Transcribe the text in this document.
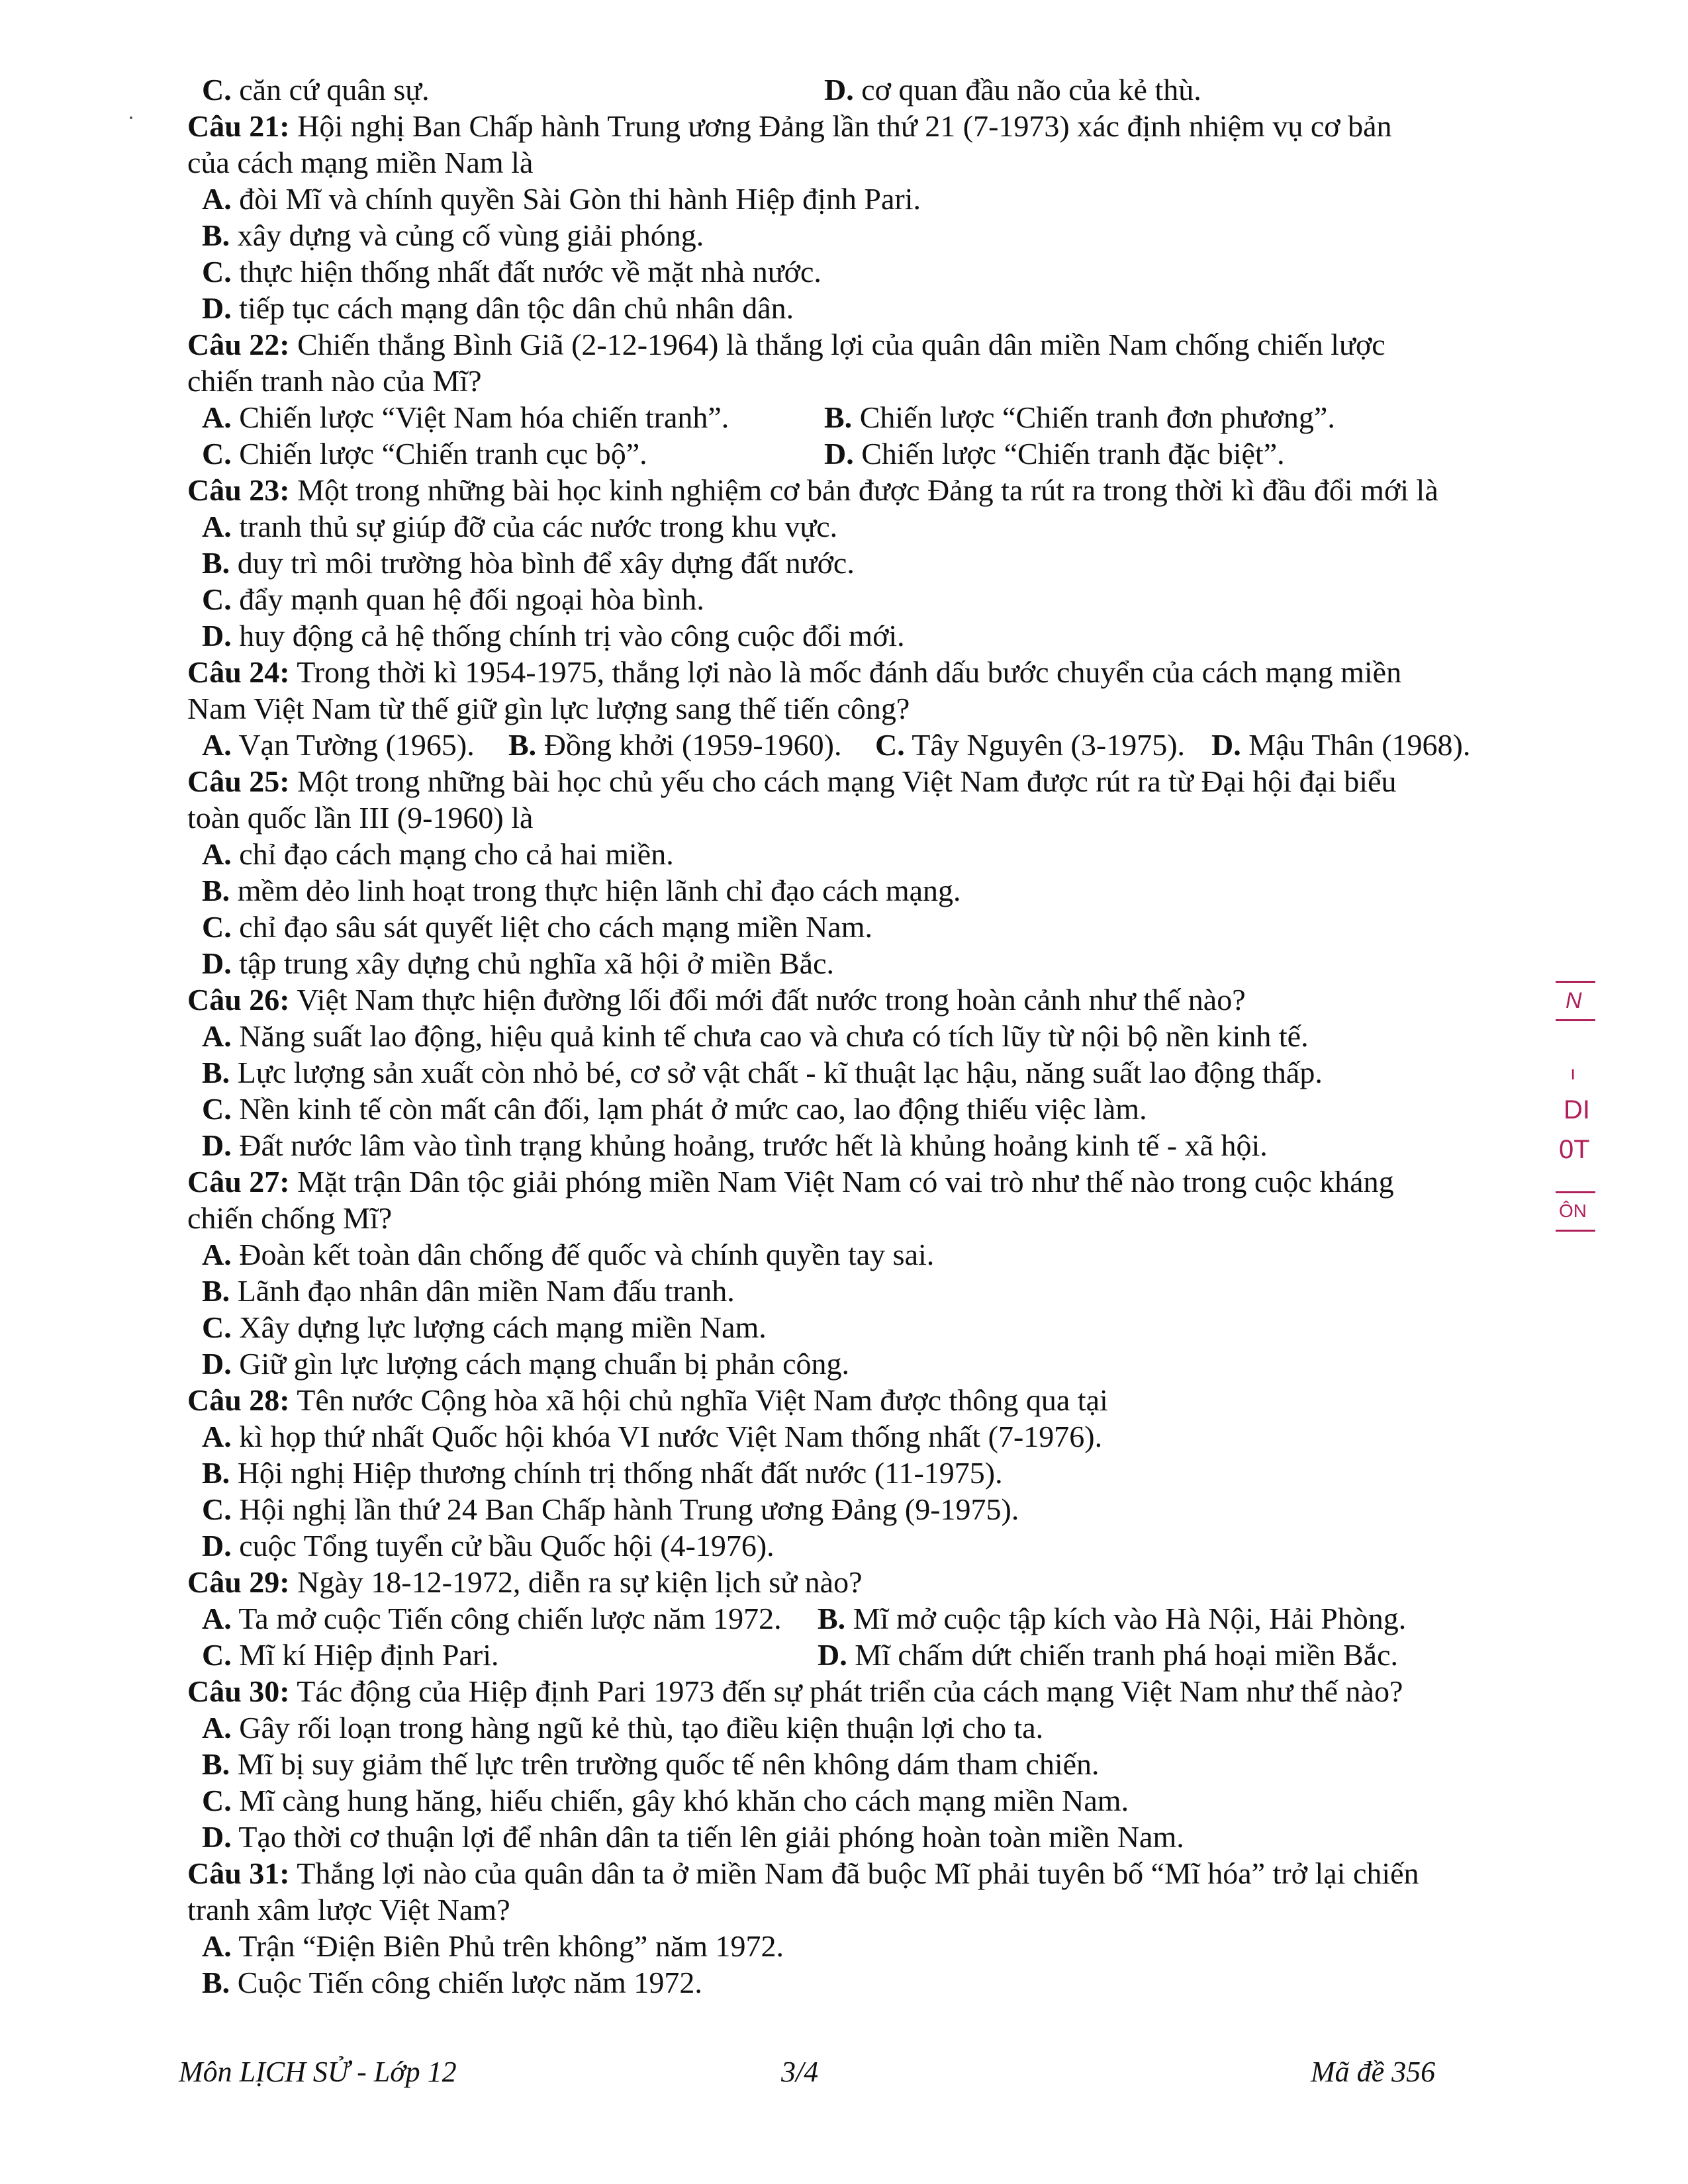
C. căn cứ quân sự.	D. cơ quan đầu não của kẻ thù.
Câu 21: Hội nghị Ban Chấp hành Trung ương Đảng lần thứ 21 (7-1973) xác định nhiệm vụ cơ bản
của cách mạng miền Nam là
A. đòi Mĩ và chính quyền Sài Gòn thi hành Hiệp định Pari.
B. xây dựng và củng cố vùng giải phóng.
C. thực hiện thống nhất đất nước về mặt nhà nước.
D. tiếp tục cách mạng dân tộc dân chủ nhân dân.
Câu 22: Chiến thắng Bình Giã (2-12-1964) là thắng lợi của quân dân miền Nam chống chiến lược
chiến tranh nào của Mĩ?
A. Chiến lược “Việt Nam hóa chiến tranh”.	B. Chiến lược “Chiến tranh đơn phương”.
C. Chiến lược “Chiến tranh cục bộ”.	D. Chiến lược “Chiến tranh đặc biệt”.
Câu 23: Một trong những bài học kinh nghiệm cơ bản được Đảng ta rút ra trong thời kì đầu đổi mới là
A. tranh thủ sự giúp đỡ của các nước trong khu vực.
B. duy trì môi trường hòa bình để xây dựng đất nước.
C. đẩy mạnh quan hệ đối ngoại hòa bình.
D. huy động cả hệ thống chính trị vào công cuộc đổi mới.
Câu 24: Trong thời kì 1954-1975, thắng lợi nào là mốc đánh dấu bước chuyển của cách mạng miền
Nam Việt Nam từ thế giữ gìn lực lượng sang thế tiến công?
A. Vạn Tường (1965). B. Đồng khởi (1959-1960). C. Tây Nguyên (3-1975). D. Mậu Thân (1968).
Câu 25: Một trong những bài học chủ yếu cho cách mạng Việt Nam được rút ra từ Đại hội đại biểu
toàn quốc lần III (9-1960) là
A. chỉ đạo cách mạng cho cả hai miền.
B. mềm dẻo linh hoạt trong thực hiện lãnh chỉ đạo cách mạng.
C. chỉ đạo sâu sát quyết liệt cho cách mạng miền Nam.
D. tập trung xây dựng chủ nghĩa xã hội ở miền Bắc.
Câu 26: Việt Nam thực hiện đường lối đổi mới đất nước trong hoàn cảnh như thế nào?
A. Năng suất lao động, hiệu quả kinh tế chưa cao và chưa có tích lũy từ nội bộ nền kinh tế.
B. Lực lượng sản xuất còn nhỏ bé, cơ sở vật chất - kĩ thuật lạc hậu, năng suất lao động thấp.
C. Nền kinh tế còn mất cân đối, lạm phát ở mức cao, lao động thiếu việc làm.
D. Đất nước lâm vào tình trạng khủng hoảng, trước hết là khủng hoảng kinh tế - xã hội.
Câu 27: Mặt trận Dân tộc giải phóng miền Nam Việt Nam có vai trò như thế nào trong cuộc kháng
chiến chống Mĩ?
A. Đoàn kết toàn dân chống đế quốc và chính quyền tay sai.
B. Lãnh đạo nhân dân miền Nam đấu tranh.
C. Xây dựng lực lượng cách mạng miền Nam.
D. Giữ gìn lực lượng cách mạng chuẩn bị phản công.
Câu 28: Tên nước Cộng hòa xã hội chủ nghĩa Việt Nam được thông qua tại
A. kì họp thứ nhất Quốc hội khóa VI nước Việt Nam thống nhất (7-1976).
B. Hội nghị Hiệp thương chính trị thống nhất đất nước (11-1975).
C. Hội nghị lần thứ 24 Ban Chấp hành Trung ương Đảng (9-1975).
D. cuộc Tổng tuyển cử bầu Quốc hội (4-1976).
Câu 29: Ngày 18-12-1972, diễn ra sự kiện lịch sử nào?
A. Ta mở cuộc Tiến công chiến lược năm 1972. B. Mĩ mở cuộc tập kích vào Hà Nội, Hải Phòng.
C. Mĩ kí Hiệp định Pari.	D. Mĩ chấm dứt chiến tranh phá hoại miền Bắc.
Câu 30: Tác động của Hiệp định Pari 1973 đến sự phát triển của cách mạng Việt Nam như thế nào?
A. Gây rối loạn trong hàng ngũ kẻ thù, tạo điều kiện thuận lợi cho ta.
B. Mĩ bị suy giảm thế lực trên trường quốc tế nên không dám tham chiến.
C. Mĩ càng hung hăng, hiếu chiến, gây khó khăn cho cách mạng miền Nam.
D. Tạo thời cơ thuận lợi để nhân dân ta tiến lên giải phóng hoàn toàn miền Nam.
Câu 31: Thắng lợi nào của quân dân ta ở miền Nam đã buộc Mĩ phải tuyên bố “Mĩ hóa” trở lại chiến
tranh xâm lược Việt Nam?
A. Trận “Điện Biên Phủ trên không” năm 1972.
B. Cuộc Tiến công chiến lược năm 1972.
Môn LỊCH SỬ - Lớp 12	3/4	Mã đề 356
N
ı
DI
0T
ÔN
